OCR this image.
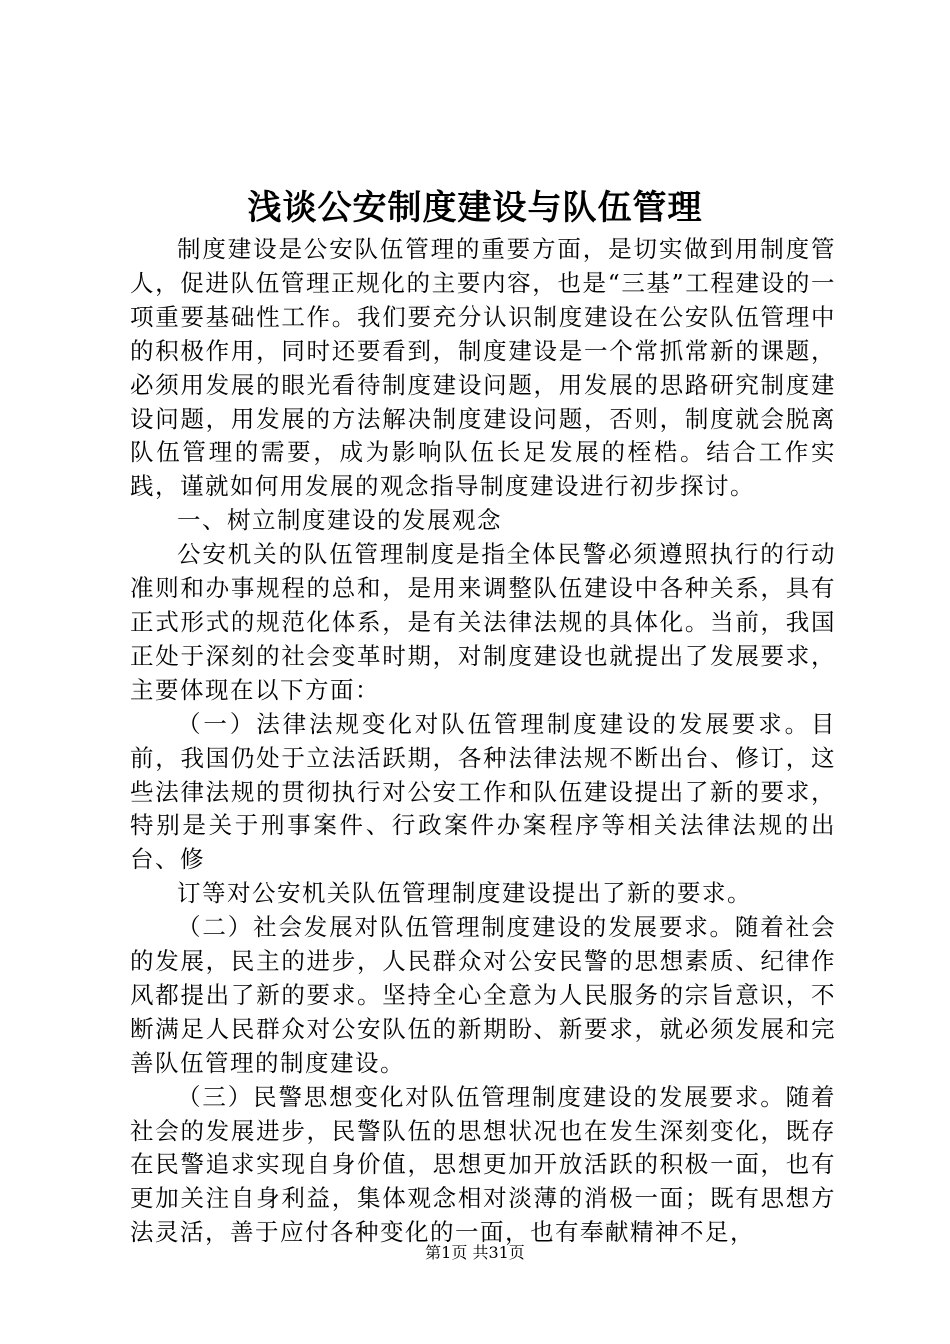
浅谈公安制度建设与队伍管理

制度建设是公安队伍管理的重要方面，是切实做到用制度管人，促进队伍管理正规化的主要内容，也是“三基”工程建设的一项重要基础性工作。我们要充分认识制度建设在公安队伍管理中的积极作用，同时还要看到，制度建设是一个常抓常新的课题，必须用发展的眼光看待制度建设问题，用发展的思路研究制度建设问题，用发展的方法解决制度建设问题，否则，制度就会脱离队伍管理的需要，成为影响队伍长足发展的桎梏。结合工作实践，谨就如何用发展的观念指导制度建设进行初步探讨。

一、树立制度建设的发展观念

公安机关的队伍管理制度是指全体民警必须遵照执行的行动准则和办事规程的总和，是用来调整队伍建设中各种关系，具有正式形式的规范化体系，是有关法律法规的具体化。当前，我国正处于深刻的社会变革时期，对制度建设也就提出了发展要求，主要体现在以下方面：

（一）法律法规变化对队伍管理制度建设的发展要求。目前，我国仍处于立法活跃期，各种法律法规不断出台、修订，这些法律法规的贯彻执行对公安工作和队伍建设提出了新的要求，特别是关于刑事案件、行政案件办案程序等相关法律法规的出台、修

订等对公安机关队伍管理制度建设提出了新的要求。

（二）社会发展对队伍管理制度建设的发展要求。随着社会的发展，民主的进步，人民群众对公安民警的思想素质、纪律作风都提出了新的要求。坚持全心全意为人民服务的宗旨意识，不断满足人民群众对公安队伍的新期盼、新要求，就必须发展和完善队伍管理的制度建设。

（三）民警思想变化对队伍管理制度建设的发展要求。随着社会的发展进步，民警队伍的思想状况也在发生深刻变化，既存在民警追求实现自身价值，思想更加开放活跃的积极一面，也有更加关注自身利益，集体观念相对淡薄的消极一面；既有思想方法灵活，善于应付各种变化的一面，也有奉献精神不足，

第1页 共31页
